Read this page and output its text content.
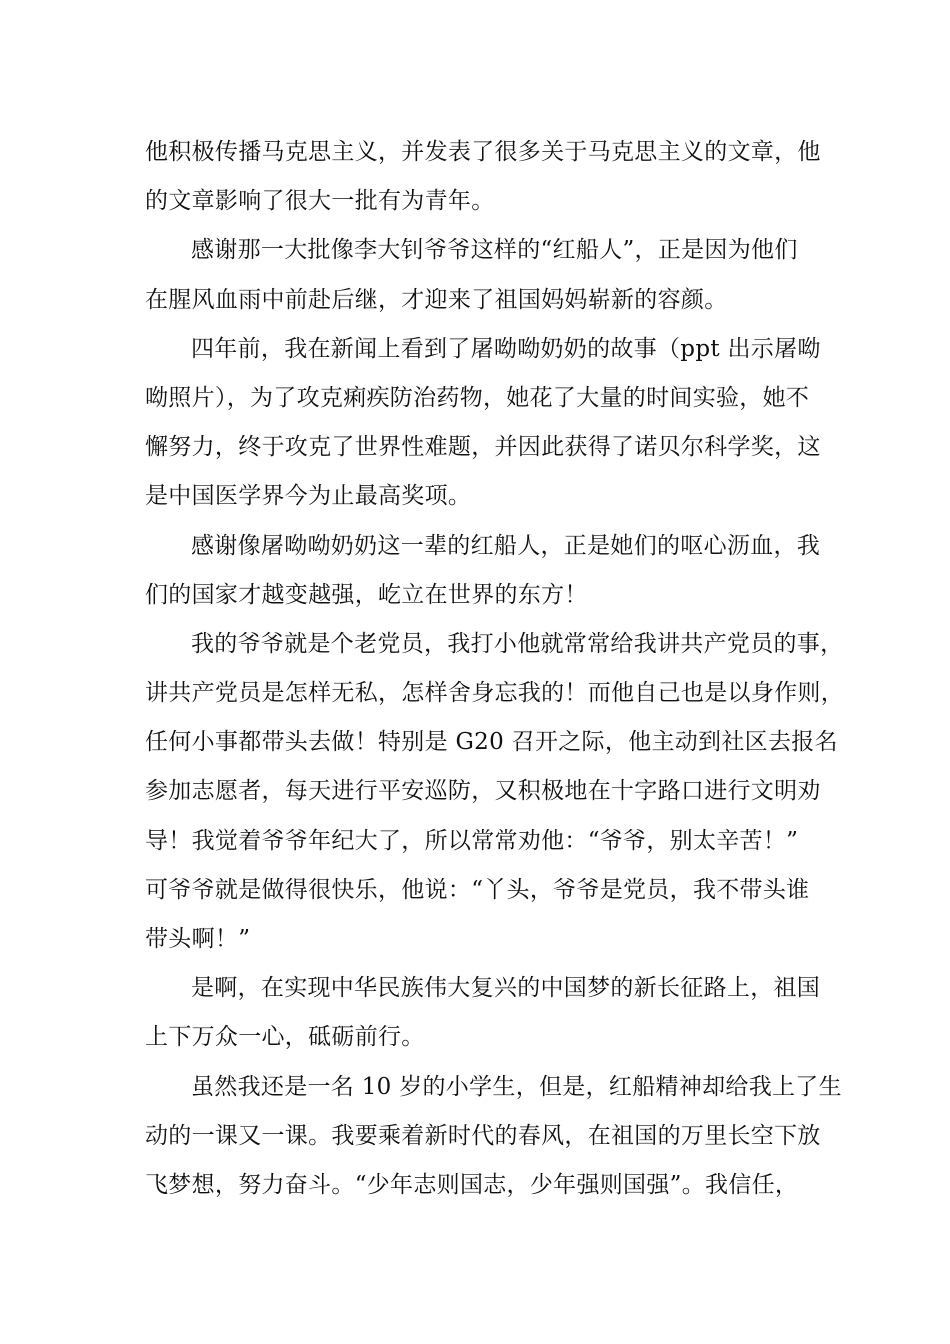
他积极传播马克思主义，并发表了很多关于马克思主义的文章，他
的文章影响了很大一批有为青年。
感谢那一大批像李大钊爷爷这样的“红船人”，正是因为他们
在腥风血雨中前赴后继，才迎来了祖国妈妈崭新的容颜。
四年前，我在新闻上看到了屠呦呦奶奶的故事（ppt 出示屠呦
呦照片），为了攻克痢疾防治药物，她花了大量的时间实验，她不
懈努力，终于攻克了世界性难题，并因此获得了诺贝尔科学奖，这
是中国医学界今为止最高奖项。
感谢像屠呦呦奶奶这一辈的红船人，正是她们的呕心沥血，我
们的国家才越变越强，屹立在世界的东方！
我的爷爷就是个老党员，我打小他就常常给我讲共产党员的事，
讲共产党员是怎样无私，怎样舍身忘我的！而他自己也是以身作则，
任何小事都带头去做！特别是 G20 召开之际，他主动到社区去报名
参加志愿者，每天进行平安巡防，又积极地在十字路口进行文明劝
导！我觉着爷爷年纪大了，所以常常劝他：“爷爷，别太辛苦！”
可爷爷就是做得很快乐，他说：“丫头，爷爷是党员，我不带头谁
带头啊！”
是啊，在实现中华民族伟大复兴的中国梦的新长征路上，祖国
上下万众一心，砥砺前行。
虽然我还是一名 10 岁的小学生，但是，红船精神却给我上了生
动的一课又一课。我要乘着新时代的春风，在祖国的万里长空下放
飞梦想，努力奋斗。“少年志则国志，少年强则国强”。我信任，
